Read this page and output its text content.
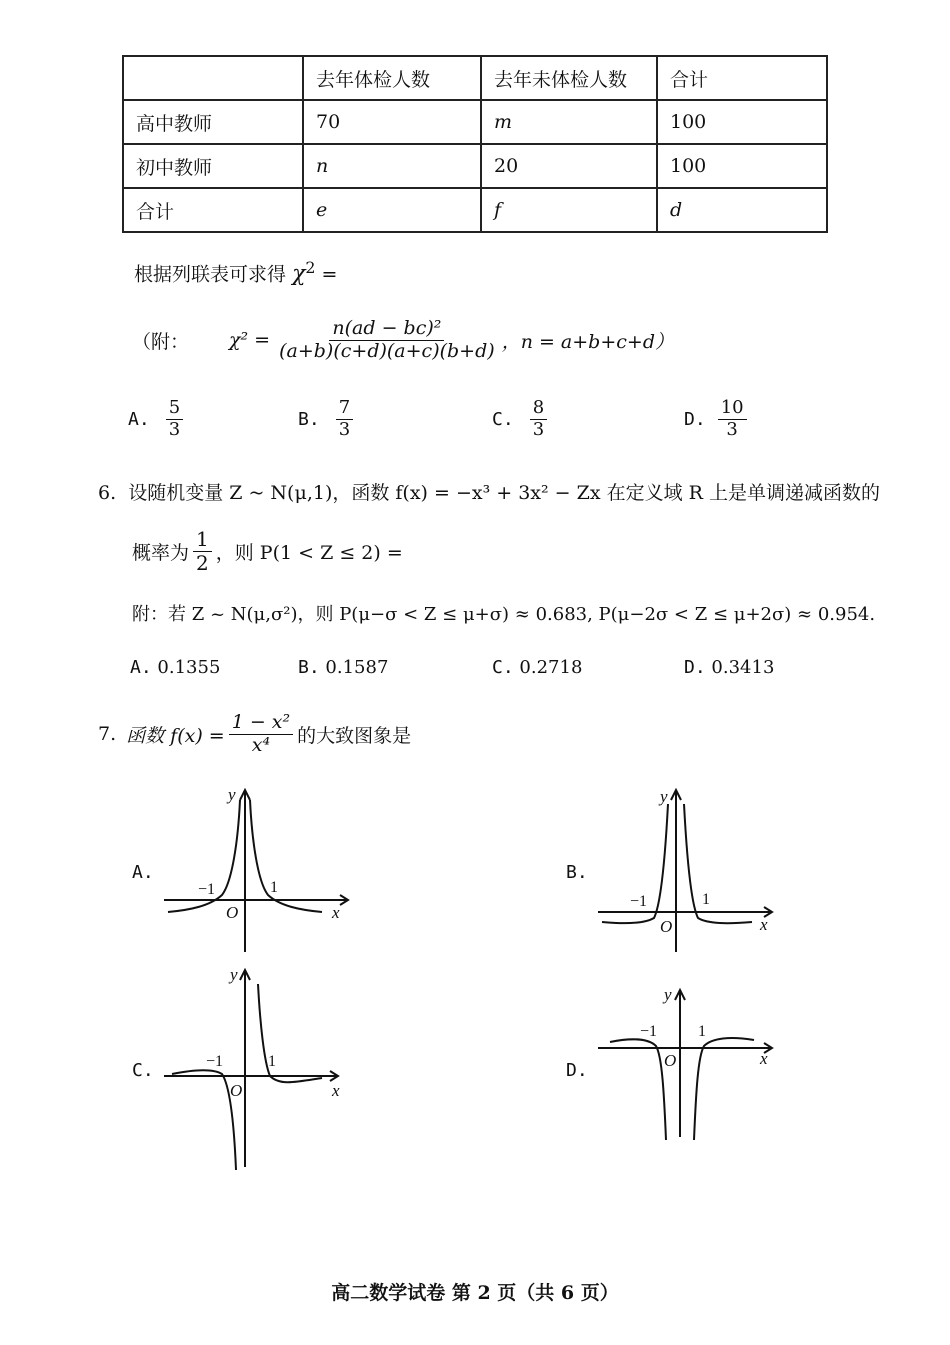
	去年体检人数	去年未体检人数	合计
高中教师	70	m	100
初中教师	n	20	100
合计	e	f	d
根据列联表可求得 $\chi^2$ =
（附： $\chi^2 = \frac{\text{n(ad − bc)²}}{(a+b)(c+d)(a+c)(b+d)}$ ，n = a+b+c+d）
A. $\frac{5}{3}$	B. $\frac{7}{3}$	C. $\frac{8}{3}$	D. $\frac{10}{3}$
6. 设随机变量 Z ~ N(μ,1)，函数 f(x) = −x³ + 3x² − Zx 在定义域 R 上是单调递减函数的
概率为 $\frac{1}{2}$ ，则 P(1 < Z ≤ 2) =
附：若 Z ~ N(μ,σ²)，则 P(μ−σ < Z ≤ μ+σ) ≈ 0.683, P(μ−2σ < Z ≤ μ+2σ) ≈ 0.954.
A. 0.1355	B. 0.1587	C. 0.2718	D. 0.3413
7. 函数 $f(x) = \frac{\text{1 − x²}}{\text{x⁴}}$ 的大致图象是
A.	B.
C.	D.
y
x
O
−1	1
y
x
O
−1	1
y
x
O
−1	1
y
x
O
−1	1
高二数学试卷 第 2 页（共 6 页）
